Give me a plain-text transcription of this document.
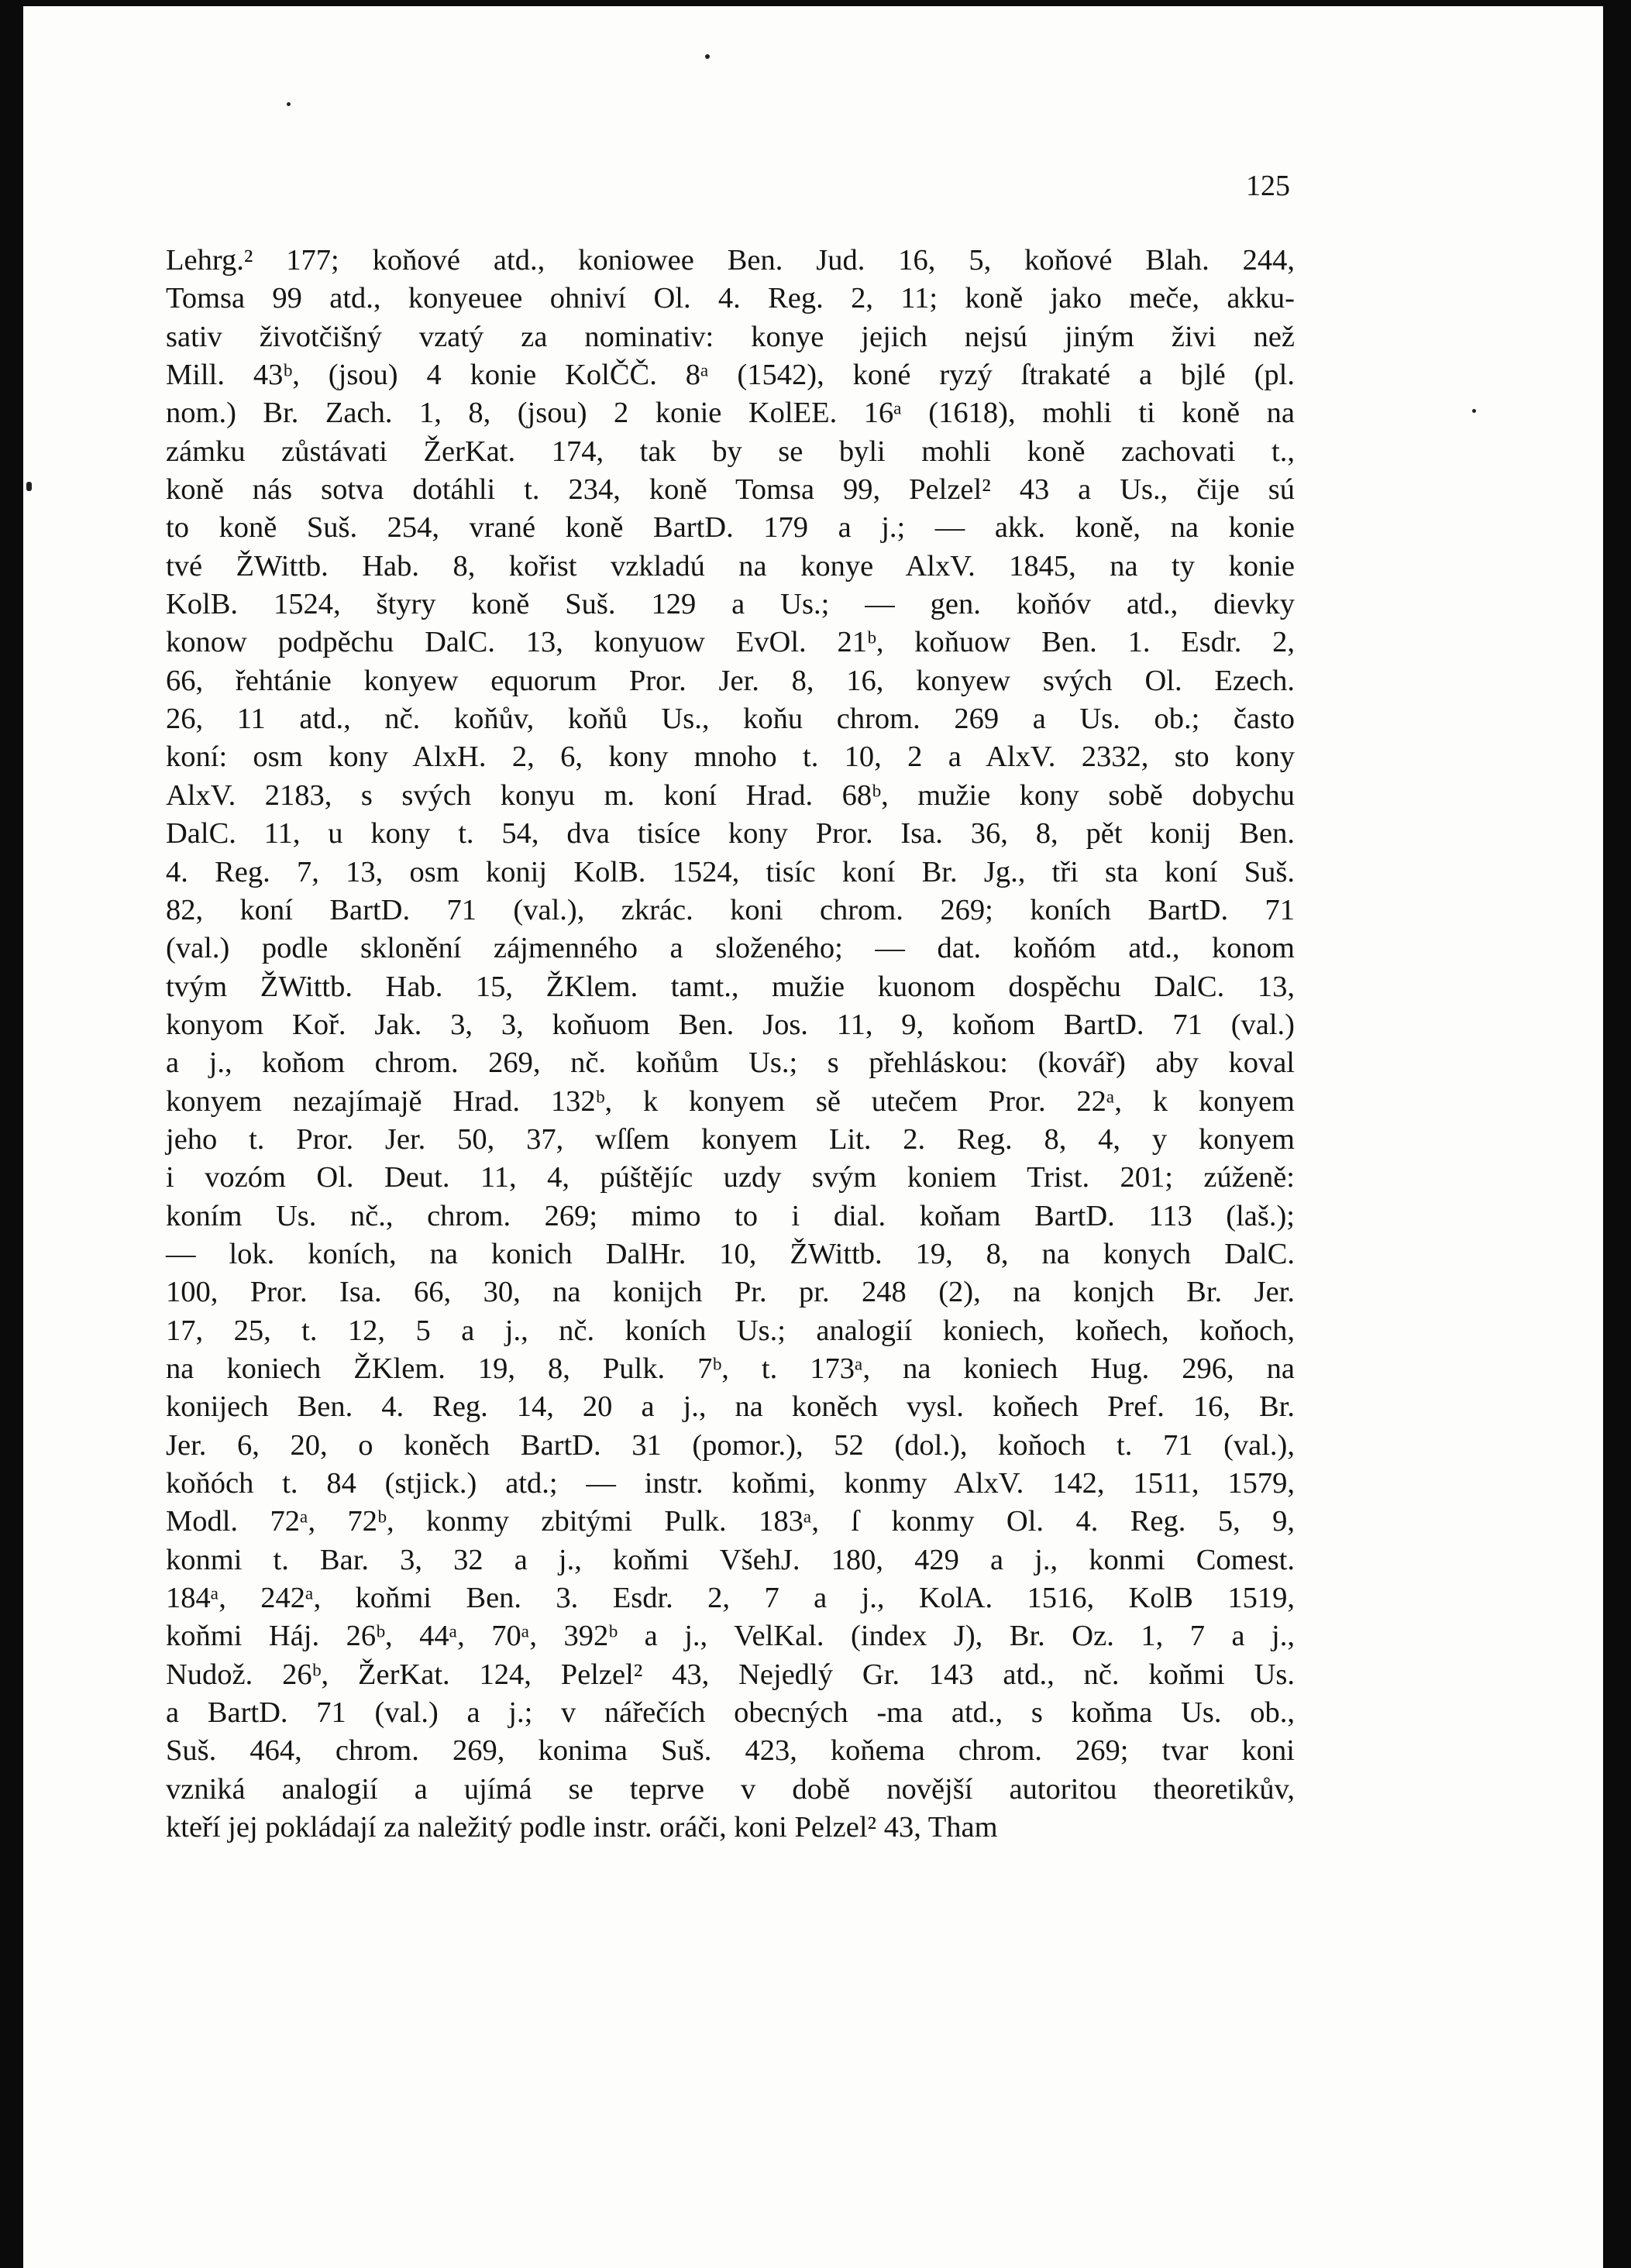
125

Lehrg.² 177; koňové atd., koniowee Ben. Jud. 16, 5, koňové Blah. 244,
Tomsa 99 atd., konyeuee ohniví Ol. 4. Reg. 2, 11; koně jako meče, akku-
sativ životčišný vzatý za nominativ: konye jejich nejsú jiným živi než
Mill. 43ᵇ, (jsou) 4 konie KolČČ. 8ᵃ (1542), koné ryzý ſtrakaté a bjlé (pl.
nom.) Br. Zach. 1, 8, (jsou) 2 konie KolEE. 16ᵃ (1618), mohli ti koně na
zámku zůstávati ŽerKat. 174, tak by se byli mohli koně zachovati t.,
koně nás sotva dotáhli t. 234, koně Tomsa 99, Pelzel² 43 a Us., čije sú
to koně Suš. 254, vrané koně BartD. 179 a j.; — akk. koně, na konie
tvé ŽWittb. Hab. 8, kořist vzkladú na konye AlxV. 1845, na ty konie
KolB. 1524, štyry koně Suš. 129 a Us.; — gen. koňóv atd., dievky
konow podpěchu DalC. 13, konyuow EvOl. 21ᵇ, koňuow Ben. 1. Esdr. 2,
66, řehtánie konyew equorum Pror. Jer. 8, 16, konyew svých Ol. Ezech.
26, 11 atd., nč. koňův, koňů Us., koňu chrom. 269 a Us. ob.; často
koní: osm kony AlxH. 2, 6, kony mnoho t. 10, 2 a AlxV. 2332, sto kony
AlxV. 2183, s svých konyu m. koní Hrad. 68ᵇ, mužie kony sobě dobychu
DalC. 11, u kony t. 54, dva tisíce kony Pror. Isa. 36, 8, pět konij Ben.
4. Reg. 7, 13, osm konij KolB. 1524, tisíc koní Br. Jg., tři sta koní Suš.
82, koní BartD. 71 (val.), zkrác. koni chrom. 269; koních BartD. 71
(val.) podle sklonění zájmenného a složeného; — dat. koňóm atd., konom
tvým ŽWittb. Hab. 15, ŽKlem. tamt., mužie kuonom dospěchu DalC. 13,
konyom Koř. Jak. 3, 3, koňuom Ben. Jos. 11, 9, koňom BartD. 71 (val.)
a j., koňom chrom. 269, nč. koňům Us.; s přehláskou: (kovář) aby koval
konyem nezajímajě Hrad. 132ᵇ, k konyem sě utečem Pror. 22ᵃ, k konyem
jeho t. Pror. Jer. 50, 37, wſſem konyem Lit. 2. Reg. 8, 4, y konyem
i vozóm Ol. Deut. 11, 4, púštějíc uzdy svým koniem Trist. 201; zúženě:
koním Us. nč., chrom. 269; mimo to i dial. koňam BartD. 113 (laš.);
— lok. koních, na konich DalHr. 10, ŽWittb. 19, 8, na konych DalC.
100, Pror. Isa. 66, 30, na konijch Pr. pr. 248 (2), na konjch Br. Jer.
17, 25, t. 12, 5 a j., nč. koních Us.; analogií koniech, koňech, koňoch,
na koniech ŽKlem. 19, 8, Pulk. 7ᵇ, t. 173ᵃ, na koniech Hug. 296, na
konijech Ben. 4. Reg. 14, 20 a j., na koněch vysl. koňech Pref. 16, Br.
Jer. 6, 20, o koněch BartD. 31 (pomor.), 52 (dol.), koňoch t. 71 (val.),
koňóch t. 84 (stjick.) atd.; — instr. koňmi, konmy AlxV. 142, 1511, 1579,
Modl. 72ᵃ, 72ᵇ, konmy zbitými Pulk. 183ᵃ, ſ konmy Ol. 4. Reg. 5, 9,
konmi t. Bar. 3, 32 a j., koňmi VšehJ. 180, 429 a j., konmi Comest.
184ᵃ, 242ᵃ, koňmi Ben. 3. Esdr. 2, 7 a j., KolA. 1516, KolB 1519,
koňmi Háj. 26ᵇ, 44ᵃ, 70ᵃ, 392ᵇ a j., VelKal. (index J), Br. Oz. 1, 7 a j.,
Nudož. 26ᵇ, ŽerKat. 124, Pelzel² 43, Nejedlý Gr. 143 atd., nč. koňmi Us.
a BartD. 71 (val.) a j.; v nářečích obecných -ma atd., s koňma Us. ob.,
Suš. 464, chrom. 269, konima Suš. 423, koňema chrom. 269; tvar koni
vzniká analogií a ujímá se teprve v době novější autoritou theoretikův,
kteří jej pokládají za naležitý podle instr. oráči, koni Pelzel² 43, Tham
